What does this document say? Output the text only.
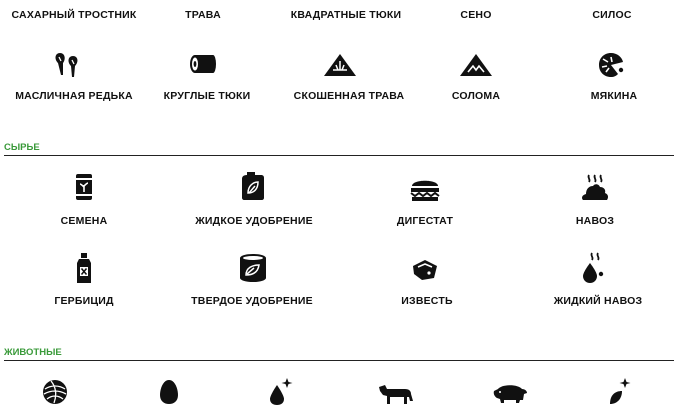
САХАРНЫЙ ТРОСТНИК	ТРАВА	КВАДРАТНЫЕ ТЮКИ	СЕНО	СИЛОС
МАСЛИЧНАЯ РЕДЬКА	КРУГЛЫЕ ТЮКИ	СКОШЕННАЯ ТРАВА	СОЛОМА	МЯКИНА
СЫРЬЕ
СЕМЕНА	ЖИДКОЕ УДОБРЕНИЕ	ДИГЕСТАТ	НАВОЗ
ГЕРБИЦИД	ТВЕРДОЕ УДОБРЕНИЕ	ИЗВЕСТЬ	ЖИДКИЙ НАВОЗ
ЖИВОТНЫЕ
